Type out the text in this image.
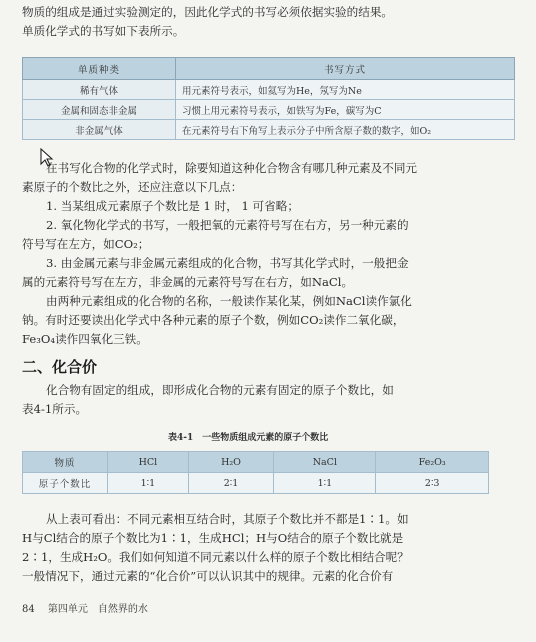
物质的组成是通过实验测定的，因此化学式的书写必须依据实验的结果。
单质化学式的书写如下表所示。
单质种类	书写方式
稀有气体	用元素符号表示，如氦写为He，氖写为Ne
金属和固态非金属	习惯上用元素符号表示，如铁写为Fe，碳写为C
非金属气体	在元素符号右下角写上表示分子中所含原子数的数字，如O₂
在书写化合物的化学式时，除要知道这种化合物含有哪几种元素及不同元
素原子的个数比之外，还应注意以下几点：
1. 当某组成元素原子个数比是 1 时， 1 可省略；
2. 氧化物化学式的书写，一般把氧的元素符号写在右方，另一种元素的
符号写在左方，如CO₂；
3. 由金属元素与非金属元素组成的化合物，书写其化学式时，一般把金
属的元素符号写在左方，非金属的元素符号写在右方，如NaCl。
由两种元素组成的化合物的名称，一般读作某化某，例如NaCl读作氯化
钠。有时还要读出化学式中各种元素的原子个数，例如CO₂读作二氧化碳，
Fe₃O₄读作四氧化三铁。
二、化合价
化合物有固定的组成，即形成化合物的元素有固定的原子个数比，如
表4-1所示。
表4-1　一些物质组成元素的原子个数比
物质	HCl	H₂O	NaCl	Fe₂O₃
原子个数比	1∶1	2∶1	1∶1	2∶3
从上表可看出：不同元素相互结合时，其原子个数比并不都是1∶1。如
H与Cl结合的原子个数比为1∶1，生成HCl；H与O结合的原子个数比就是
2∶1，生成H₂O。我们如何知道不同元素以什么样的原子个数比相结合呢？
一般情况下，通过元素的“化合价”可以认识其中的规律。元素的化合价有
84 第四单元　自然界的水
